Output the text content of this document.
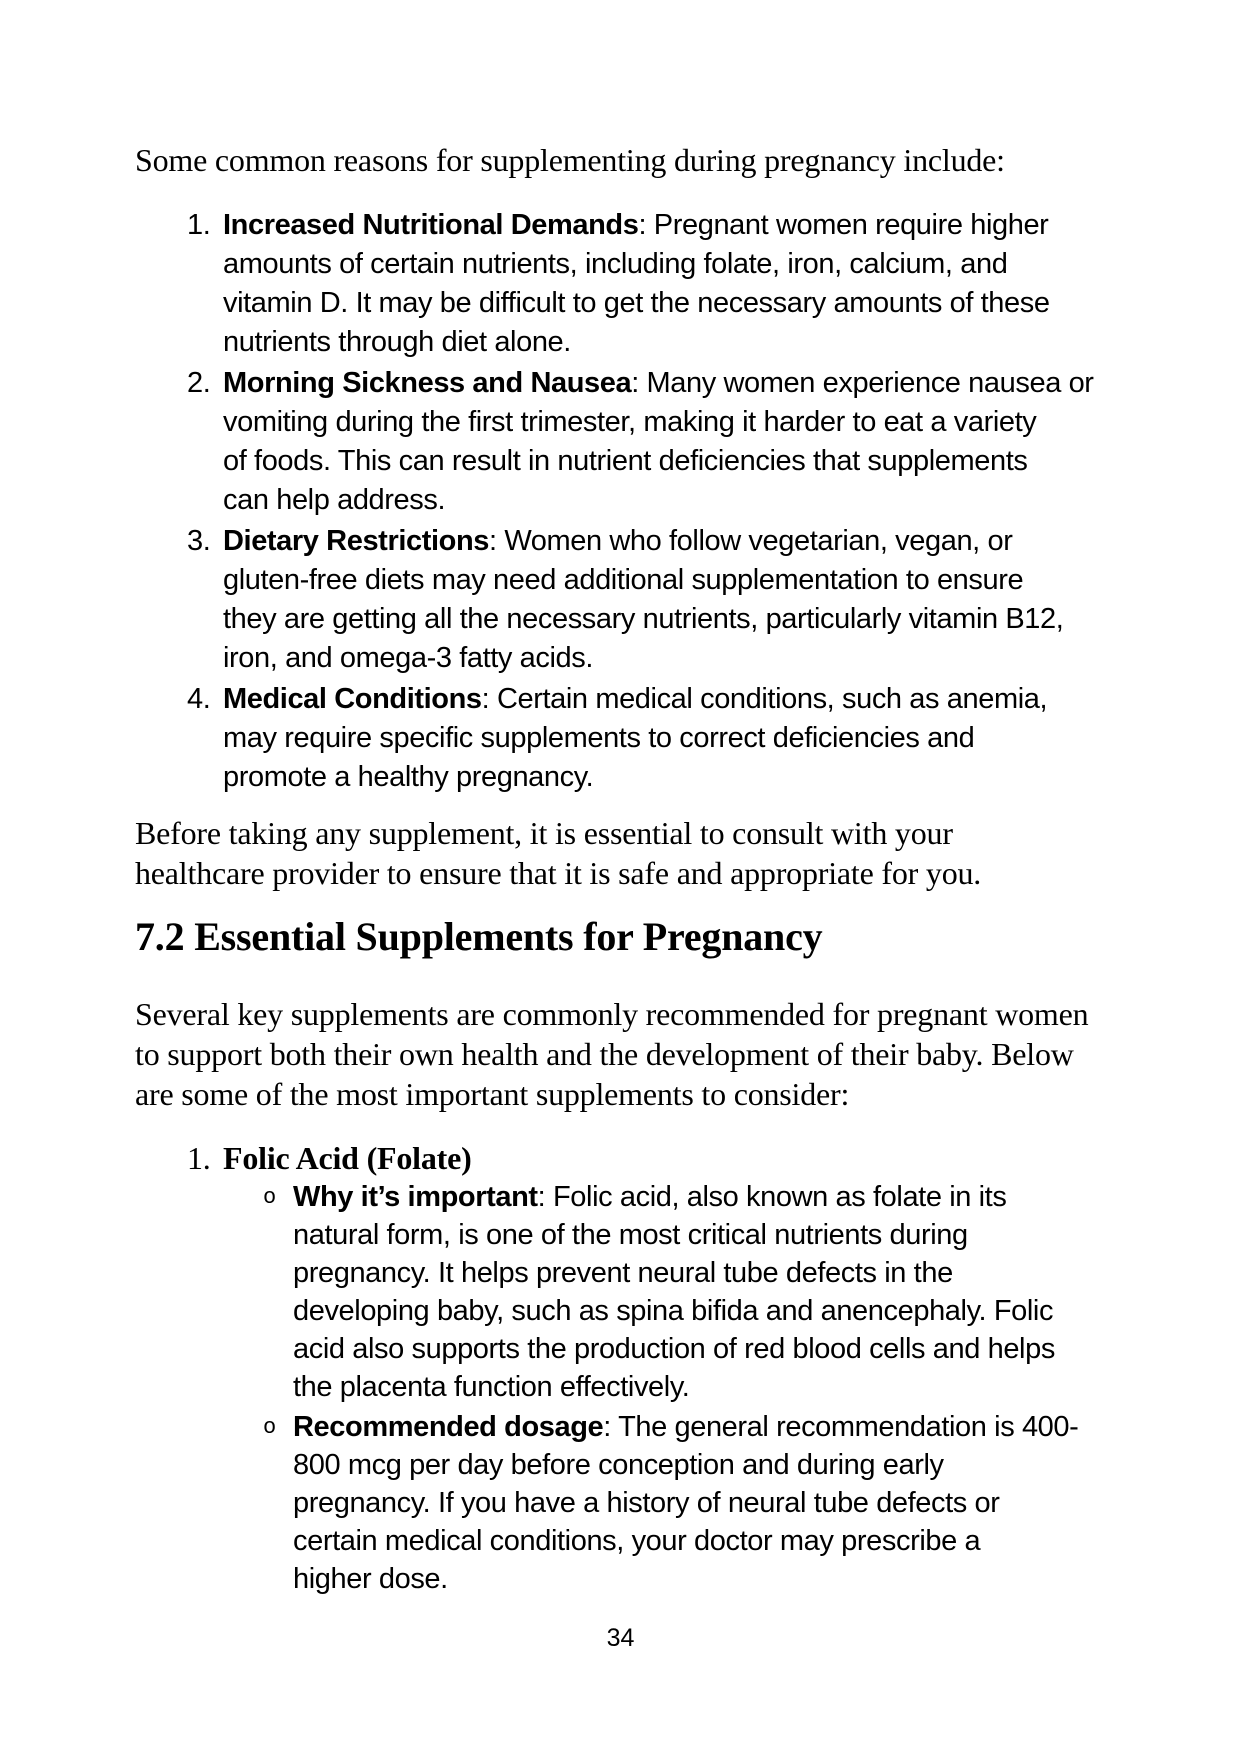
Some common reasons for supplementing during pregnancy include:

1. Increased Nutritional Demands: Pregnant women require higher
amounts of certain nutrients, including folate, iron, calcium, and
vitamin D. It may be difficult to get the necessary amounts of these
nutrients through diet alone.
2. Morning Sickness and Nausea: Many women experience nausea or
vomiting during the first trimester, making it harder to eat a variety
of foods. This can result in nutrient deficiencies that supplements
can help address.
3. Dietary Restrictions: Women who follow vegetarian, vegan, or
gluten-free diets may need additional supplementation to ensure
they are getting all the necessary nutrients, particularly vitamin B12,
iron, and omega-3 fatty acids.
4. Medical Conditions: Certain medical conditions, such as anemia,
may require specific supplements to correct deficiencies and
promote a healthy pregnancy.

Before taking any supplement, it is essential to consult with your
healthcare provider to ensure that it is safe and appropriate for you.

7.2 Essential Supplements for Pregnancy

Several key supplements are commonly recommended for pregnant women
to support both their own health and the development of their baby. Below
are some of the most important supplements to consider:

1. Folic Acid (Folate)
o Why it’s important: Folic acid, also known as folate in its
natural form, is one of the most critical nutrients during
pregnancy. It helps prevent neural tube defects in the
developing baby, such as spina bifida and anencephaly. Folic
acid also supports the production of red blood cells and helps
the placenta function effectively.
o Recommended dosage: The general recommendation is 400-
800 mcg per day before conception and during early
pregnancy. If you have a history of neural tube defects or
certain medical conditions, your doctor may prescribe a
higher dose.
34
